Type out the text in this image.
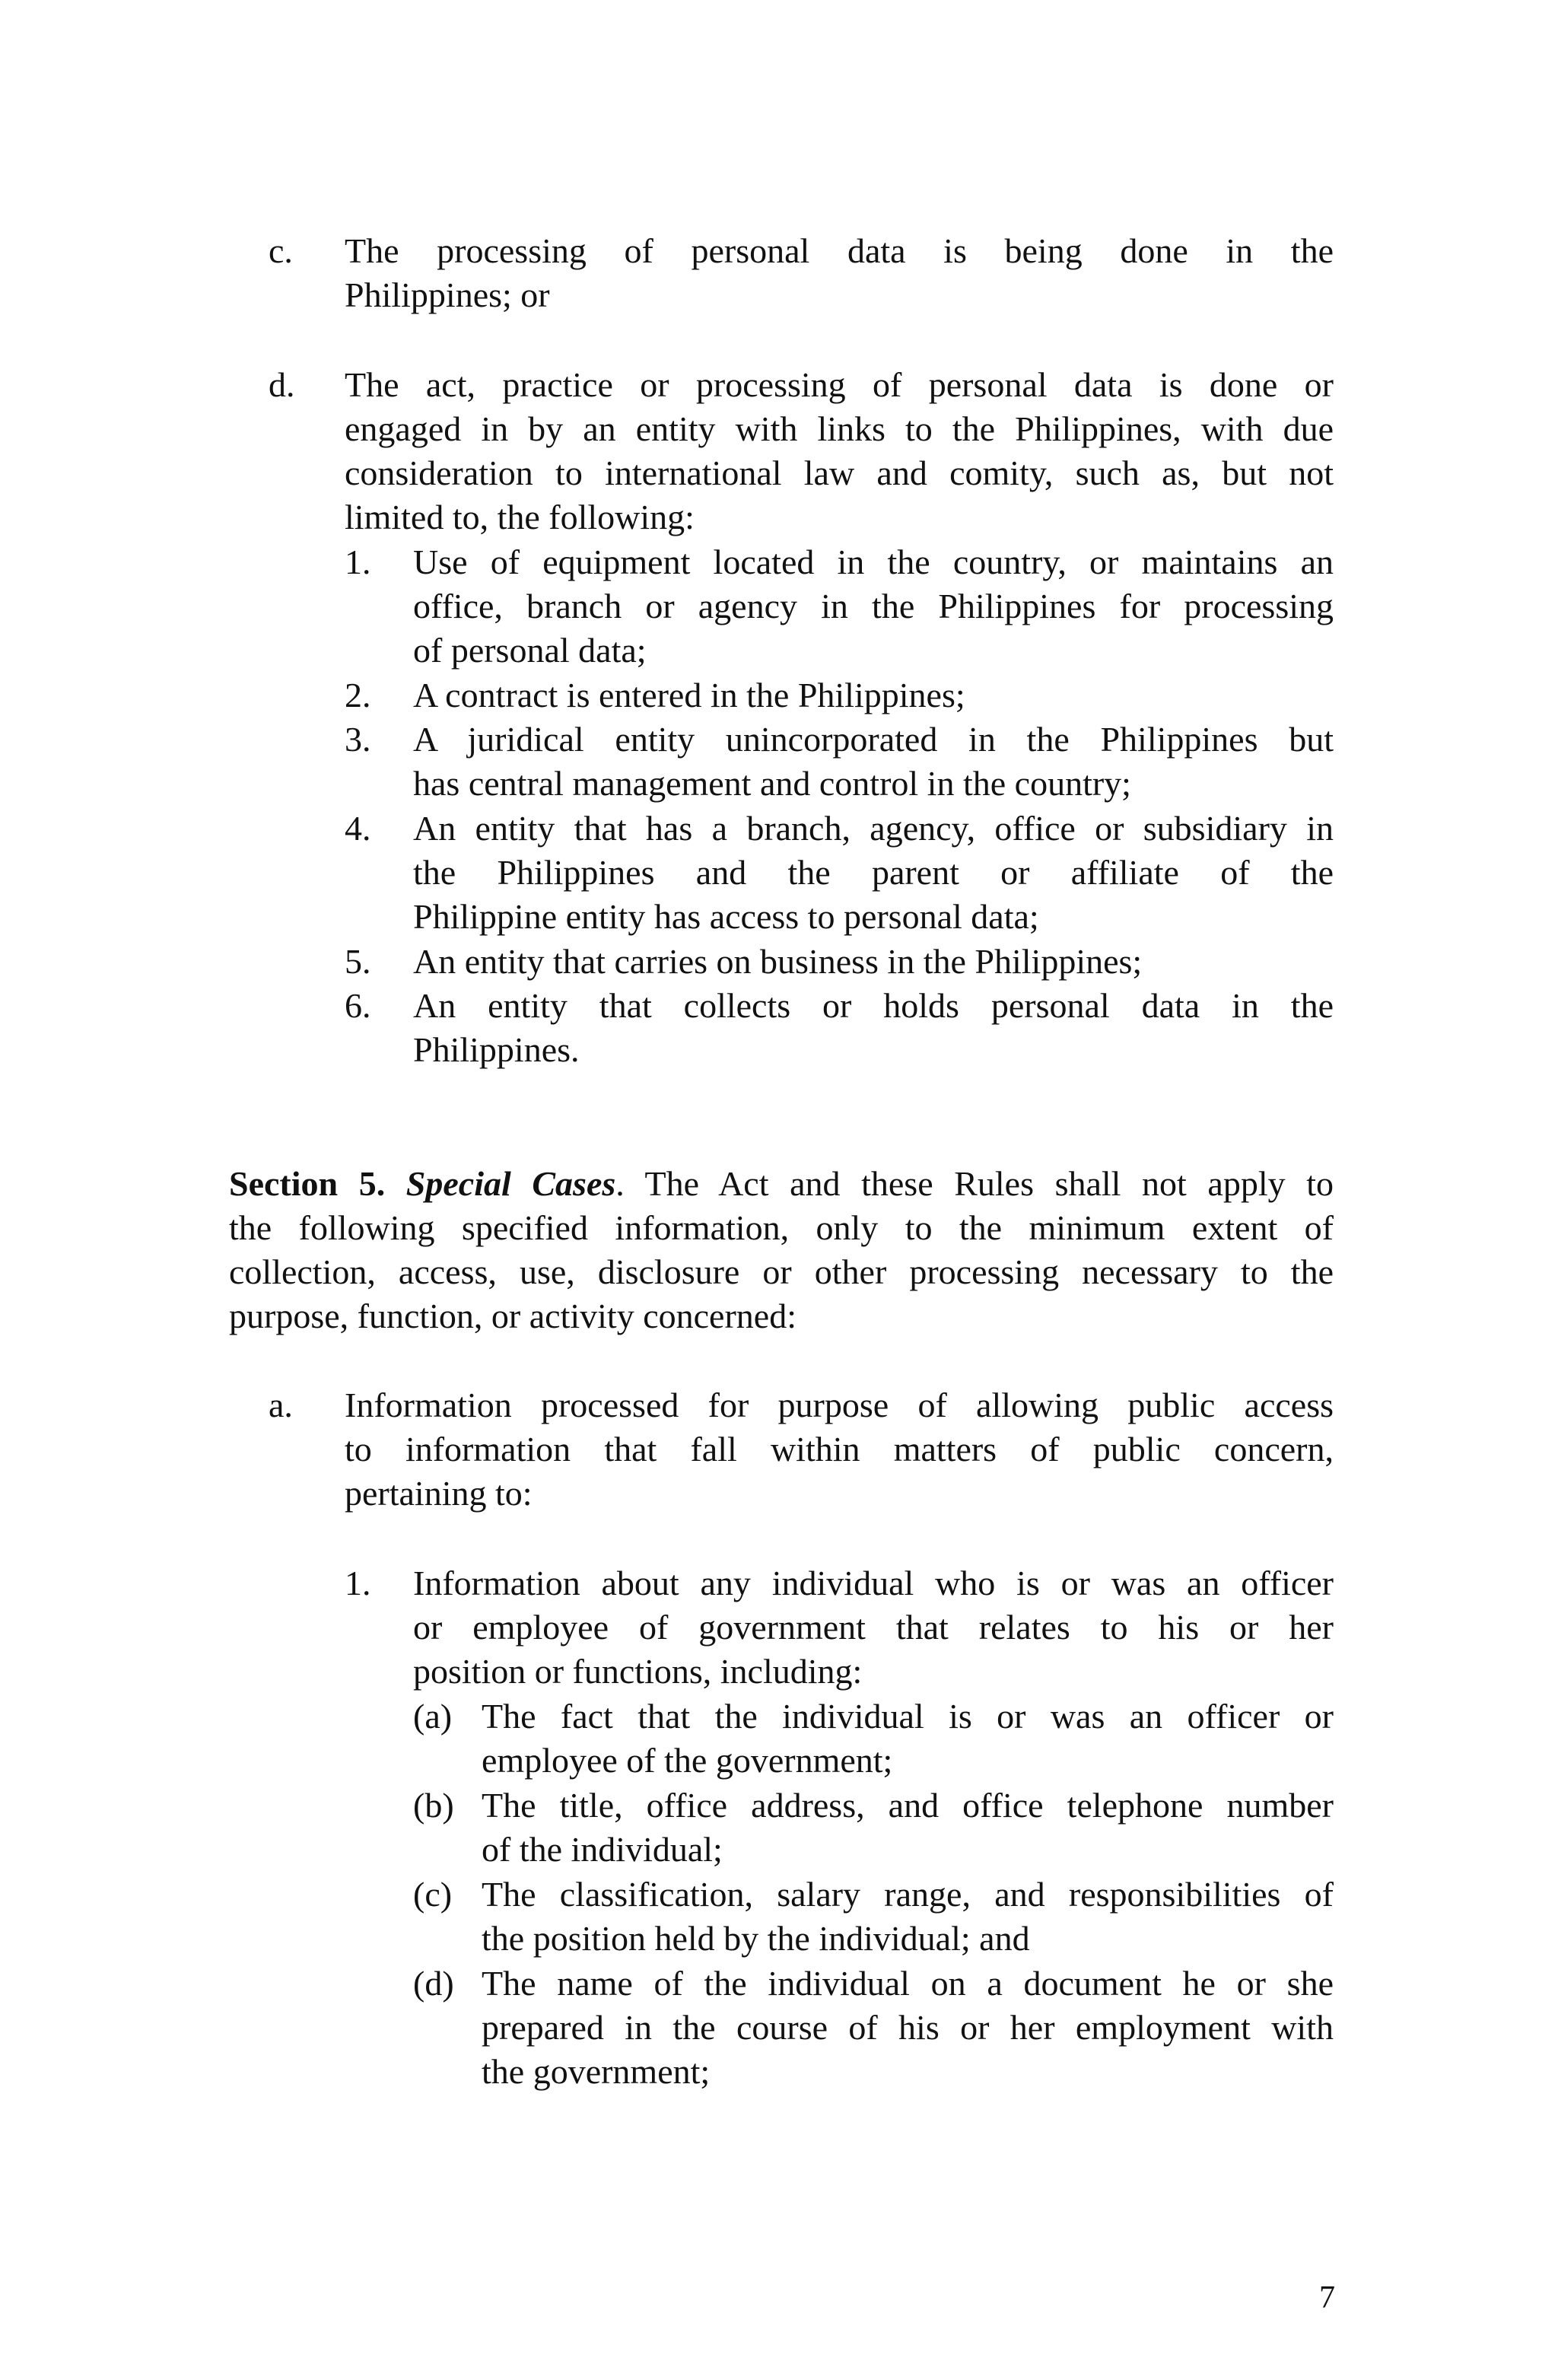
c. The processing of personal data is being done in the
Philippines; or
d. The act, practice or processing of personal data is done or
engaged in by an entity with links to the Philippines, with due
consideration to international law and comity, such as, but not
limited to, the following:
1. Use of equipment located in the country, or maintains an
office, branch or agency in the Philippines for processing
of personal data;
2. A contract is entered in the Philippines;
3. A juridical entity unincorporated in the Philippines but
has central management and control in the country;
4. An entity that has a branch, agency, office or subsidiary in
the Philippines and the parent or affiliate of the
Philippine entity has access to personal data;
5. An entity that carries on business in the Philippines;
6. An entity that collects or holds personal data in the
Philippines.
Section 5. Special Cases. The Act and these Rules shall not apply to
the following specified information, only to the minimum extent of
collection, access, use, disclosure or other processing necessary to the
purpose, function, or activity concerned:
a. Information processed for purpose of allowing public access
to information that fall within matters of public concern,
pertaining to:
1. Information about any individual who is or was an officer
or employee of government that relates to his or her
position or functions, including:
(a) The fact that the individual is or was an officer or
employee of the government;
(b) The title, office address, and office telephone number
of the individual;
(c) The classification, salary range, and responsibilities of
the position held by the individual; and
(d) The name of the individual on a document he or she
prepared in the course of his or her employment with
the government;
7
